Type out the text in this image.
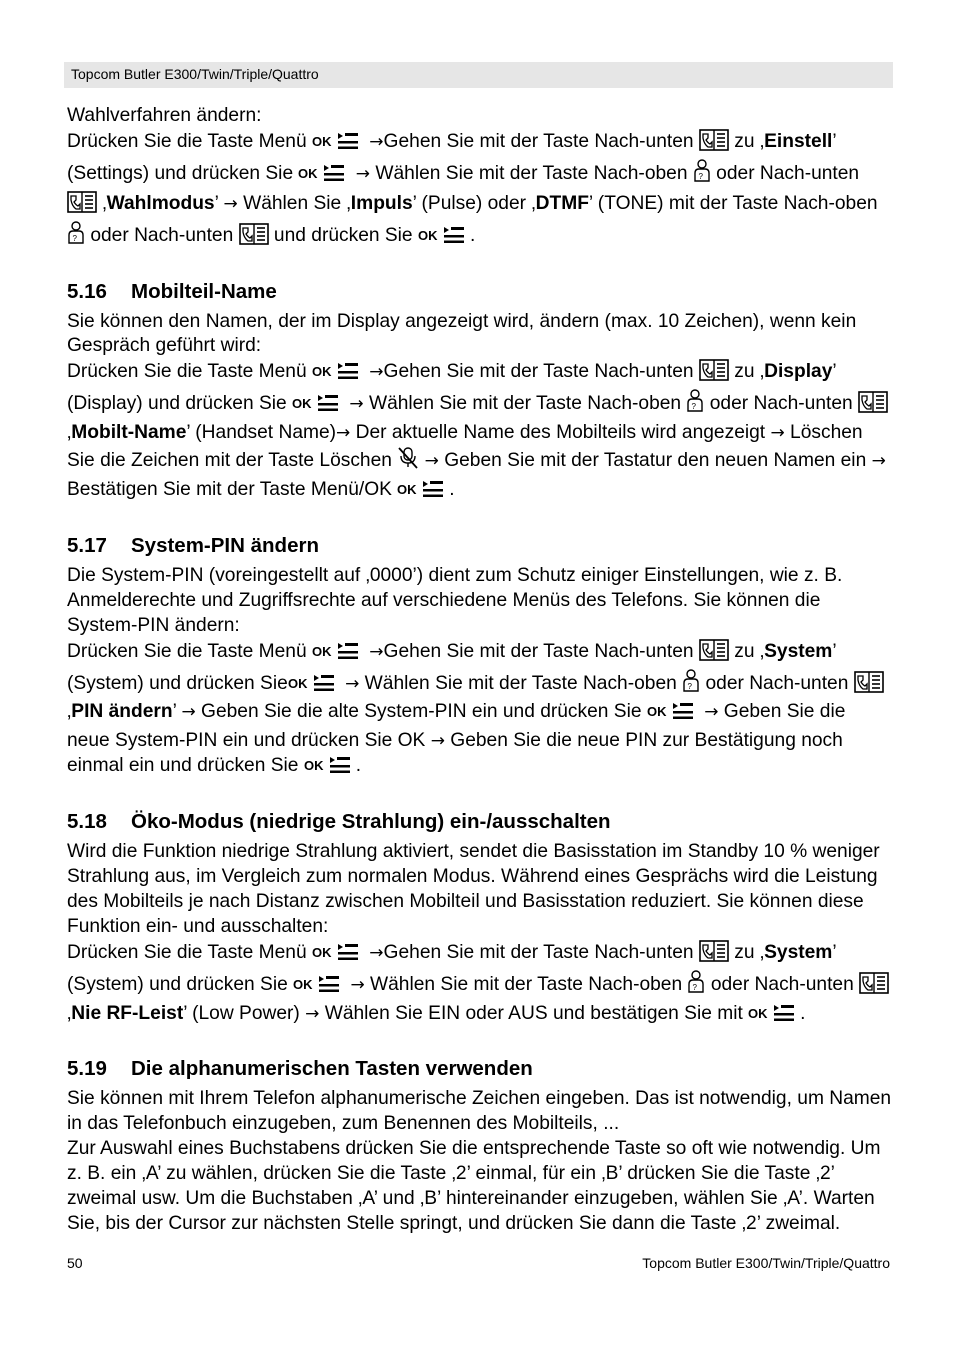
Topcom Butler E300/Twin/Triple/Quattro

Wahlverfahren ändern:

Drücken Sie die Taste Menü OK →Gehen Sie mit der Taste Nach-unten  zu ‚Einstell’ (Settings) und drücken Sie OK → Wählen Sie mit der Taste Nach-oben ? oder Nach-unten  ‚Wahlmodus’ → Wählen Sie ‚Impuls’ (Pulse) oder ‚DTMF’ (TONE) mit der Taste Nach-oben
? oder Nach-unten  und drücken Sie OK .

5.16 Mobilteil-Name

Sie können den Namen, der im Display angezeigt wird, ändern (max. 10 Zeichen), wenn kein Gespräch geführt wird:

Drücken Sie die Taste Menü OK →Gehen Sie mit der Taste Nach-unten  zu ‚Display’ (Display) und drücken Sie OK → Wählen Sie mit der Taste Nach-oben ? oder Nach-unten  ‚Mobilt-Name’ (Handset Name)→ Der aktuelle Name des Mobilteils wird angezeigt → Löschen Sie die Zeichen mit der Taste Löschen  → Geben Sie mit der Tastatur den neuen Namen ein → Bestätigen Sie mit der Taste Menü/OK OK .

5.17 System-PIN ändern

Die System-PIN (voreingestellt auf ‚0000’) dient zum Schutz einiger Einstellungen, wie z. B. Anmelderechte und Zugriffsrechte auf verschiedene Menüs des Telefons. Sie können die System-PIN ändern:

Drücken Sie die Taste Menü OK →Gehen Sie mit der Taste Nach-unten  zu ‚System’ (System) und drücken Sie OK → Wählen Sie mit der Taste Nach-oben ? oder Nach-unten  ‚PIN ändern’ → Geben Sie die alte System-PIN ein und drücken Sie OK → Geben Sie die neue System-PIN ein und drücken Sie OK → Geben Sie die neue PIN zur Bestätigung noch einmal ein und drücken Sie OK .

5.18 Öko-Modus (niedrige Strahlung) ein-/ausschalten

Wird die Funktion niedrige Strahlung aktiviert, sendet die Basisstation im Standby 10 % weniger Strahlung aus, im Vergleich zum normalen Modus. Während eines Gesprächs wird die Leistung des Mobilteils je nach Distanz zwischen Mobilteil und Basisstation reduziert. Sie können diese Funktion ein- und ausschalten:

Drücken Sie die Taste Menü OK →Gehen Sie mit der Taste Nach-unten  zu ‚System’ (System) und drücken Sie OK → Wählen Sie mit der Taste Nach-oben ? oder Nach-unten  ‚Nie RF-Leist’ (Low Power) → Wählen Sie EIN oder AUS und bestätigen Sie mit OK .

5.19 Die alphanumerischen Tasten verwenden

Sie können mit Ihrem Telefon alphanumerische Zeichen eingeben. Das ist notwendig, um Namen in das Telefonbuch einzugeben, zum Benennen des Mobilteils, ...

Zur Auswahl eines Buchstabens drücken Sie die entsprechende Taste so oft wie notwendig. Um z. B. ein ‚A’ zu wählen, drücken Sie die Taste ‚2’ einmal, für ein ‚B’ drücken Sie die Taste ‚2’ zweimal usw. Um die Buchstaben ‚A’ und ‚B’ hintereinander einzugeben, wählen Sie ‚A’. Warten Sie, bis der Cursor zur nächsten Stelle springt, und drücken Sie dann die Taste ‚2’ zweimal.

50	Topcom Butler E300/Twin/Triple/Quattro
